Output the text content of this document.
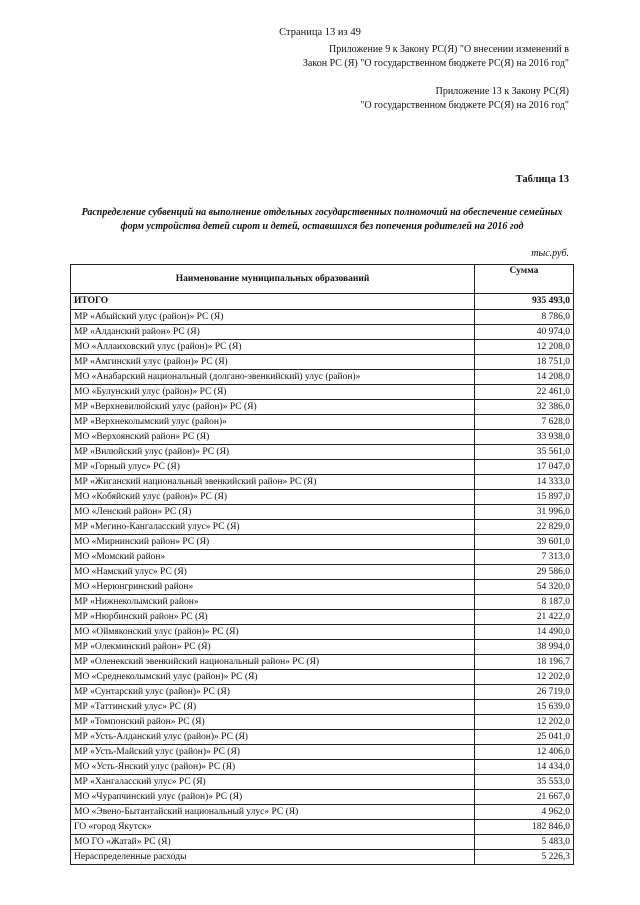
Страница 13 из 49
Приложение 9 к Закону РС(Я) "О внесении изменений в
Закон РС (Я) "О государственном бюджете РС(Я) на 2016 год"
Приложение 13 к Закону РС(Я)
"О государственном бюджете РС(Я) на 2016 год"
Таблица 13
Распределение субвенций на выполнение отдельных государственных полномочий на обеспечение семейных форм устройства детей сирот и детей, оставшихся без попечения родителей на 2016 год
тыс.руб.
Наименование муниципальных образований	Сумма
ИТОГО	935 493,0
МР «Абыйский улус (район)» РС (Я)	8 786,0
МР «Алданский район» РС (Я)	40 974,0
МО «Аллаиховский улус (район)» РС (Я)	12 208,0
МР «Амгинский улус (район)» РС (Я)	18 751,0
МО «Анабарский национальный (долгано-эвенкийский) улус (район)»	14 208,0
МО «Булунский улус (район)» РС (Я)	22 461,0
МР «Верхневилюйский улус (район)» РС (Я)	32 386,0
МР «Верхнеколымский улус (район)»	7 628,0
МО «Верхоянский район» РС (Я)	33 938,0
МР «Вилюйский улус (район)» РС (Я)	35 561,0
МР «Горный улус» РС (Я)	17 047,0
МР «Жиганский национальный эвенкийский район» РС (Я)	14 333,0
МО «Кобяйский улус (район)» РС (Я)	15 897,0
МО «Ленский район» РС (Я)	31 996,0
МР «Мегино-Кангаласский улус» РС (Я)	22 829,0
МО «Мирнинский район» РС (Я)	39 601,0
МО «Момский район»	7 313,0
МО «Намский улус» РС (Я)	29 586,0
МО «Нерюнгринский район»	54 320,0
МР «Нижнеколымский район»	8 187,0
МР «Нюрбинский район» РС (Я)	21 422,0
МО «Оймяконский улус (район)» РС (Я)	14 490,0
МР «Олекминский район» РС (Я)	38 994,0
МР «Оленекский эвенкийский национальный район» РС (Я)	18 196,7
МО «Среднеколымский улус (район)» РС (Я)	12 202,0
МР «Сунтарский улус (район)» РС (Я)	26 719,0
МР «Таттинский улус» РС (Я)	15 639,0
МР «Томпонский район» РС (Я)	12 202,0
МР «Усть-Алданский улус (район)» РС (Я)	25 041,0
МР «Усть-Майский улус (район)» РС (Я)	12 406,0
МО «Усть-Янский улус (район)» РС (Я)	14 434,0
МР «Хангаласский улус» РС (Я)	35 553,0
МО «Чурапчинский улус (район)» РС (Я)	21 667,0
МО «Эвено-Бытантайский национальный улус» РС (Я)	4 962,0
ГО «город Якутск»	182 846,0
МО ГО «Жатай» РС (Я)	5 483,0
Нераспределенные расходы	5 226,3
